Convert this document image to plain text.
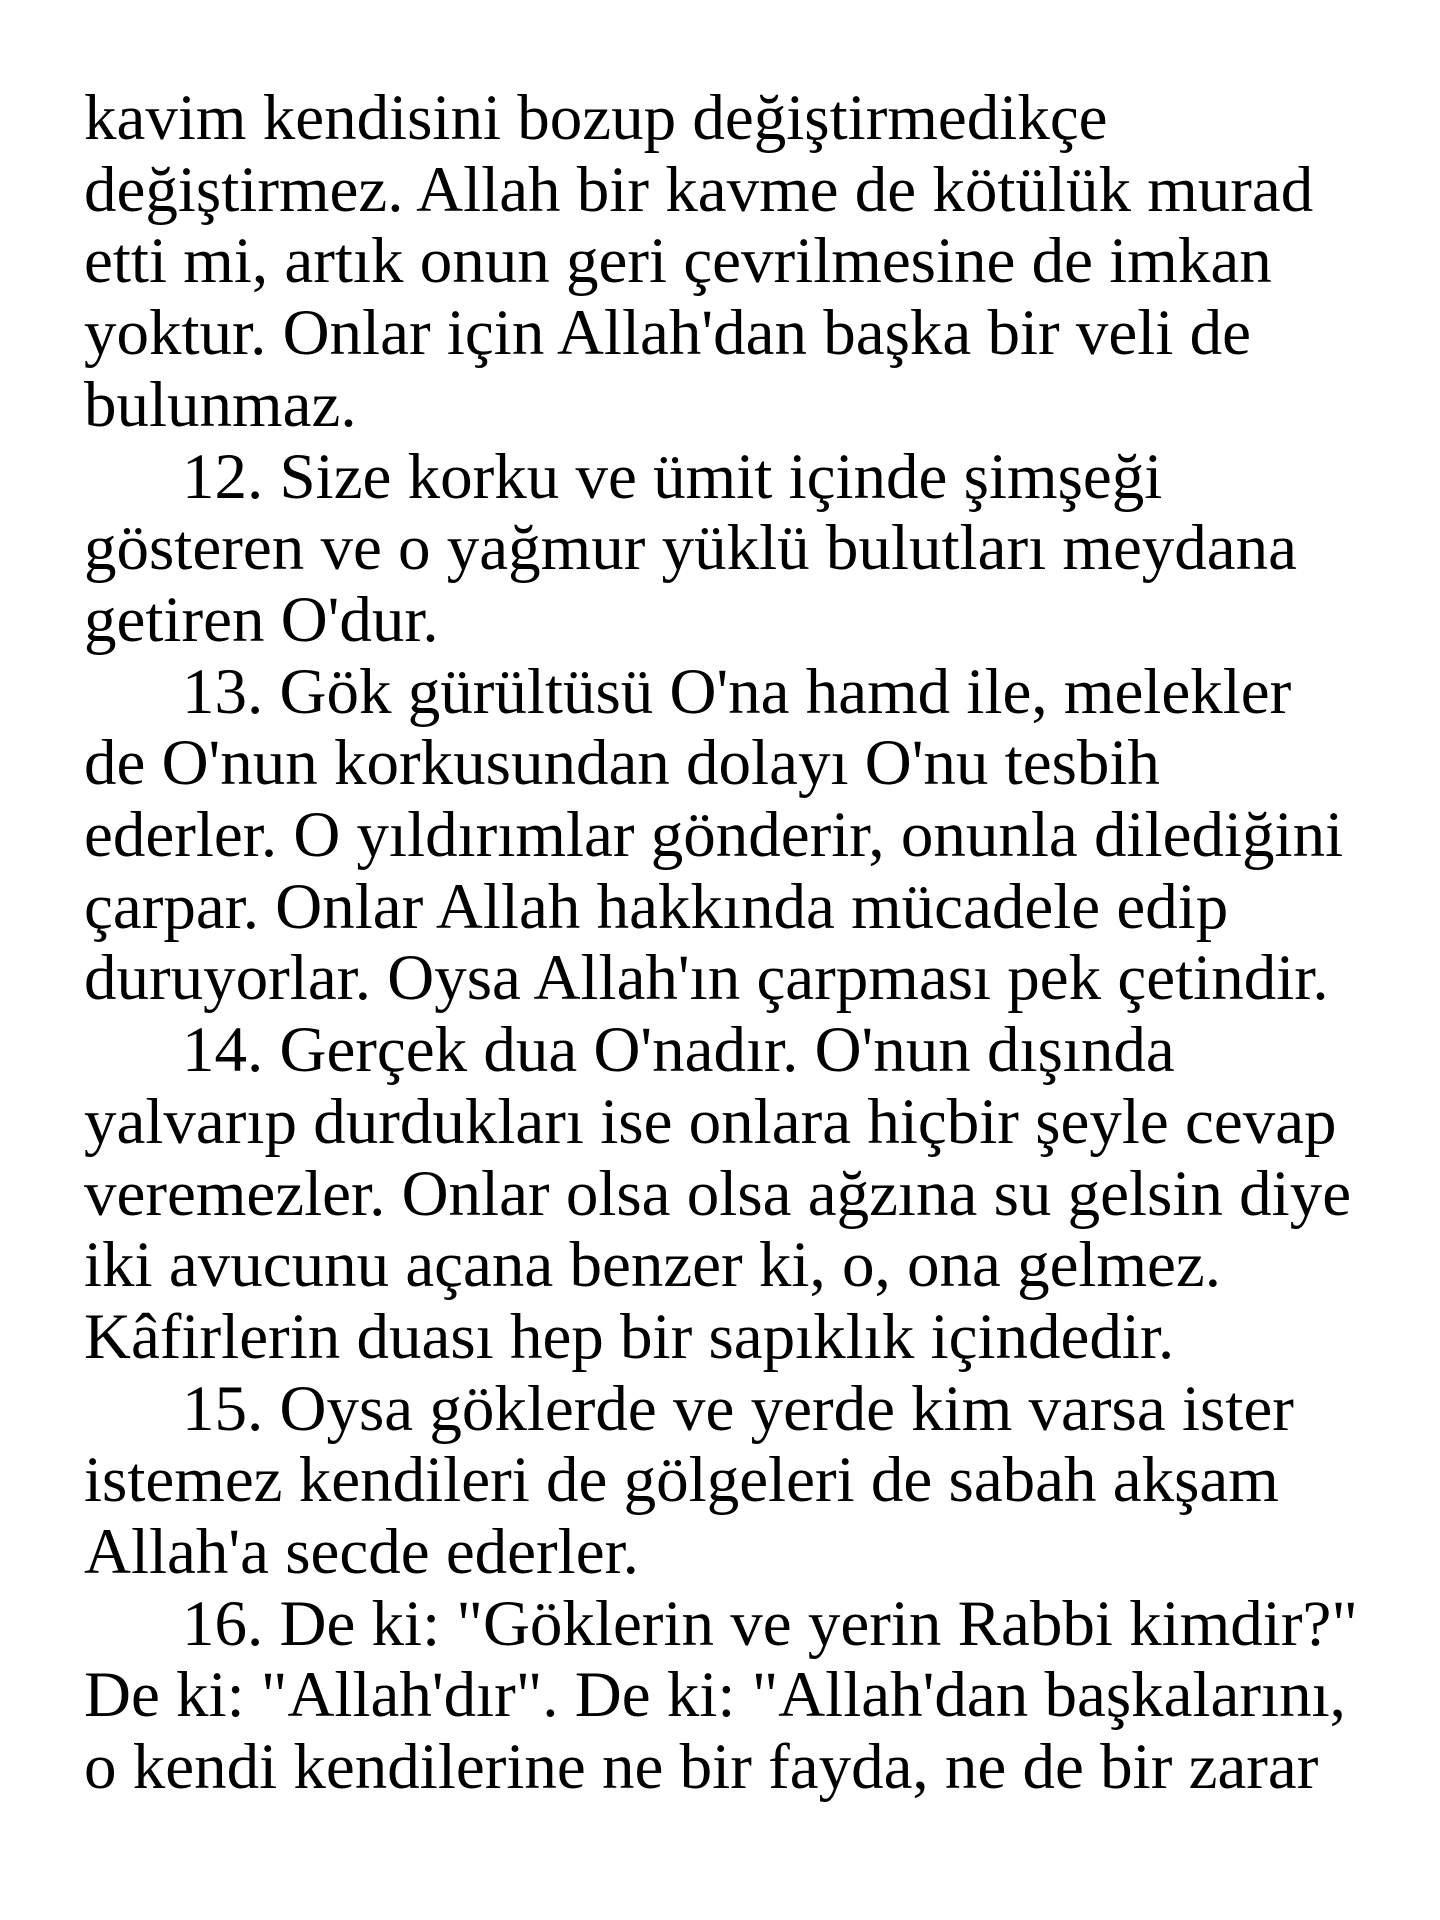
kavim kendisini bozup değiştirmedikçe
değiştirmez. Allah bir kavme de kötülük murad
etti mi, artık onun geri çevrilmesine de imkan
yoktur. Onlar için Allah'dan başka bir veli de
bulunmaz.
12. Size korku ve ümit içinde şimşeği
gösteren ve o yağmur yüklü bulutları meydana
getiren O'dur.
13. Gök gürültüsü O'na hamd ile, melekler
de O'nun korkusundan dolayı O'nu tesbih
ederler. O yıldırımlar gönderir, onunla dilediğini
çarpar. Onlar Allah hakkında mücadele edip
duruyorlar. Oysa Allah'ın çarpması pek çetindir.
14. Gerçek dua O'nadır. O'nun dışında
yalvarıp durdukları ise onlara hiçbir şeyle cevap
veremezler. Onlar olsa olsa ağzına su gelsin diye
iki avucunu açana benzer ki, o, ona gelmez.
Kâfirlerin duası hep bir sapıklık içindedir.
15. Oysa göklerde ve yerde kim varsa ister
istemez kendileri de gölgeleri de sabah akşam
Allah'a secde ederler.
16. De ki: "Göklerin ve yerin Rabbi kimdir?"
De ki: "Allah'dır". De ki: "Allah'dan başkalarını,
o kendi kendilerine ne bir fayda, ne de bir zarar
